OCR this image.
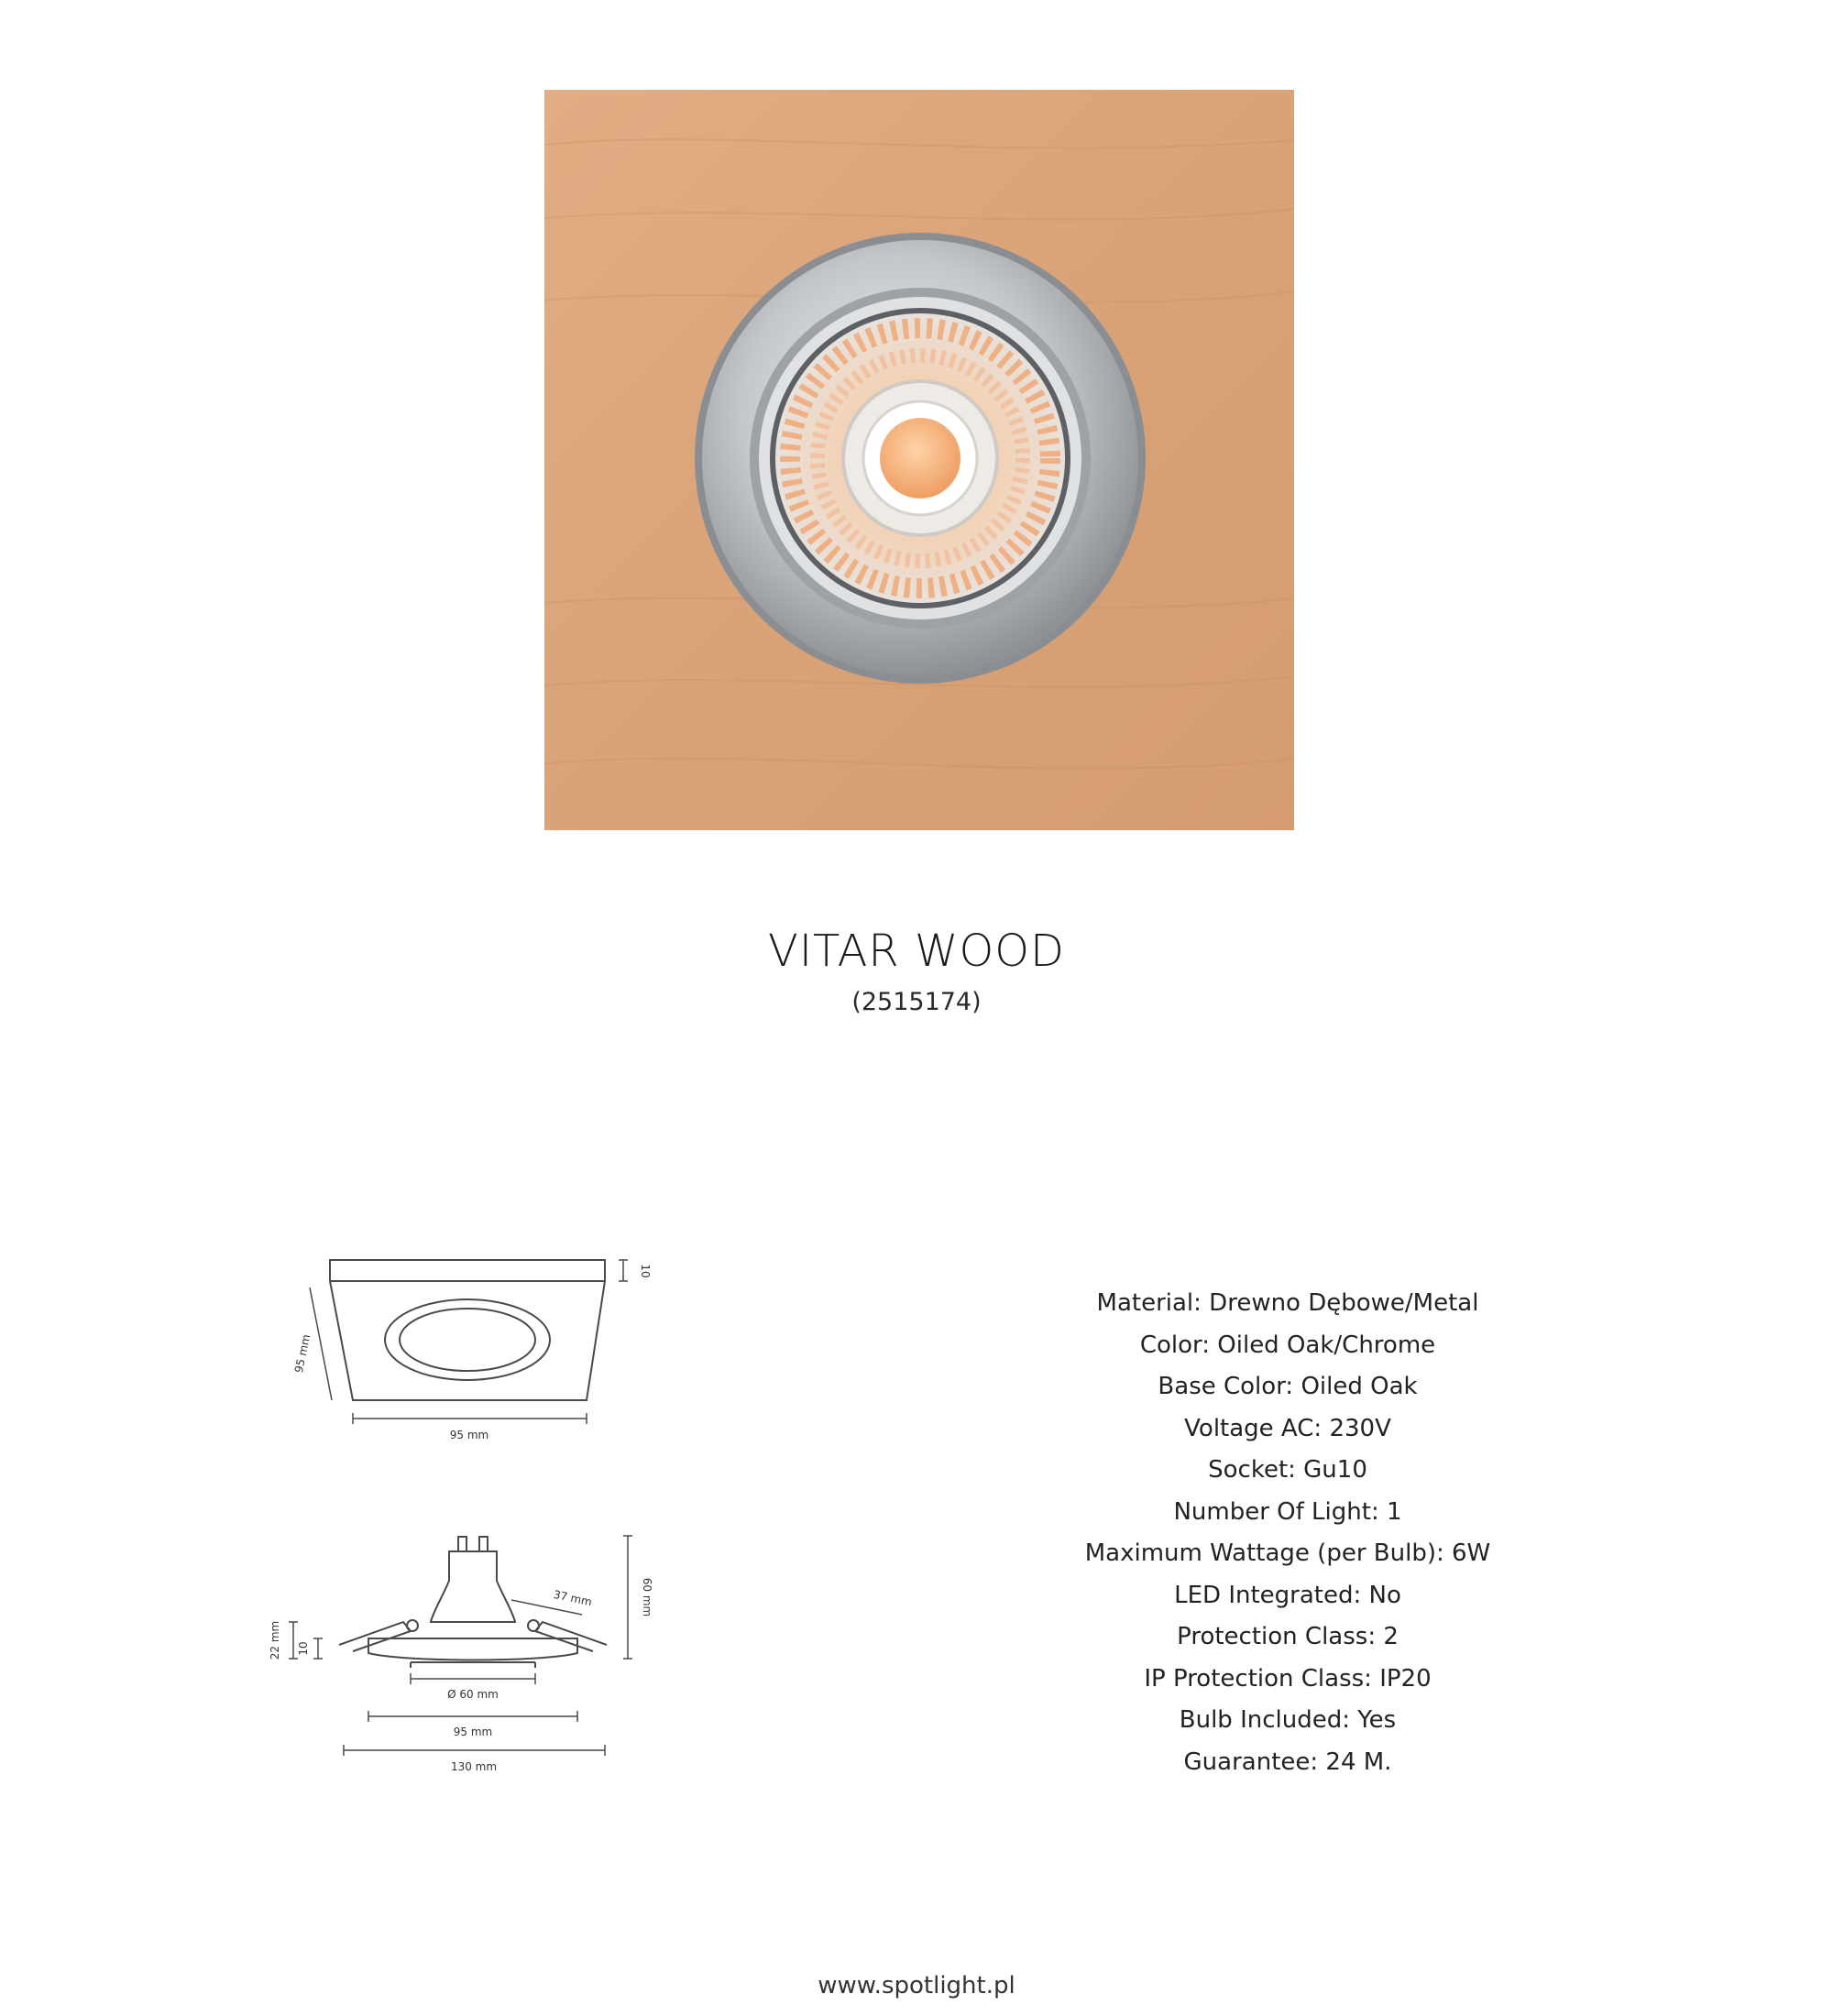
VITAR WOOD
(2515174)
10
95 mm
95 mm
60 mm
37 mm
22 mm 10
Ø 60 mm
95 mm
130 mm
Material: Drewno Dębowe/Metal
Color: Oiled Oak/Chrome
Base Color: Oiled Oak
Voltage AC: 230V
Socket: Gu10
Number Of Light: 1
Maximum Wattage (per Bulb): 6W
LED Integrated: No
Protection Class: 2
IP Protection Class: IP20
Bulb Included: Yes
Guarantee: 24 M.
www.spotlight.pl
